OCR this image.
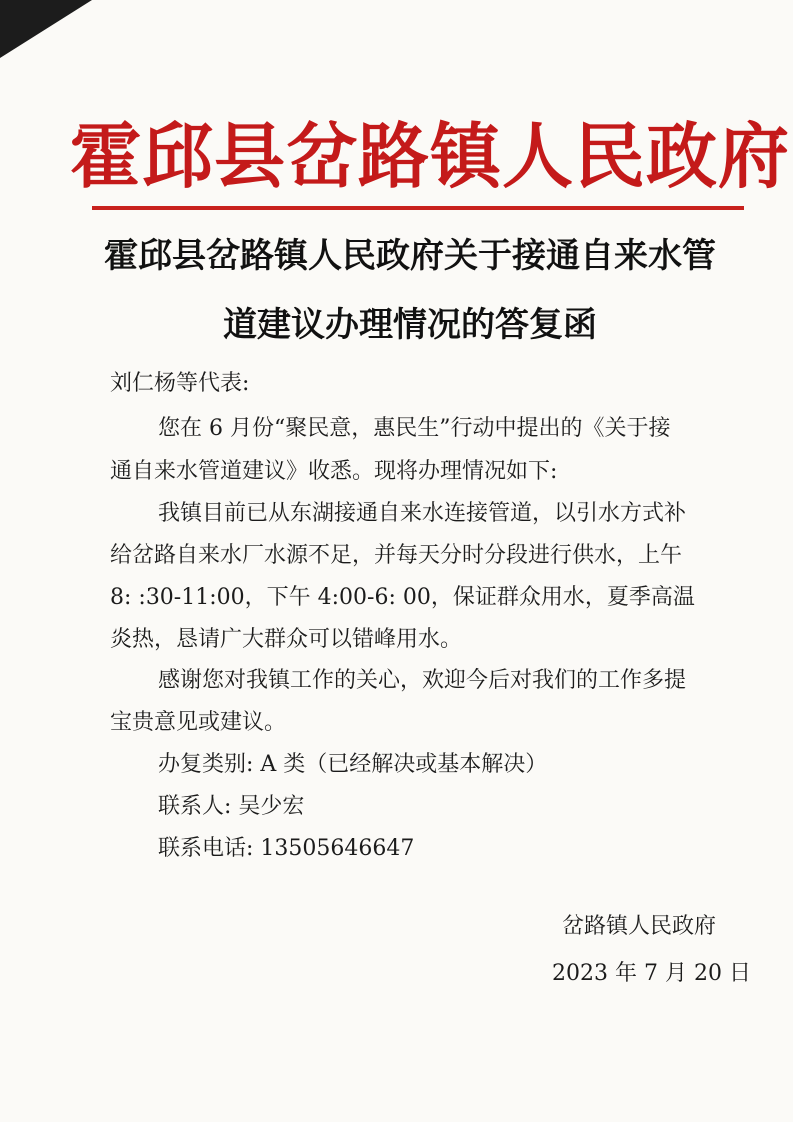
霍邱县岔路镇人民政府
霍邱县岔路镇人民政府关于接通自来水管
道建议办理情况的答复函
刘仁杨等代表:
您在 6 月份“聚民意，惠民生”行动中提出的《关于接
通自来水管道建议》收悉。现将办理情况如下:
我镇目前已从东湖接通自来水连接管道，以引水方式补
给岔路自来水厂水源不足，并每天分时分段进行供水，上午
8: :30-11:00，下午 4:00-6: 00，保证群众用水，夏季高温
炎热，恳请广大群众可以错峰用水。
感谢您对我镇工作的关心，欢迎今后对我们的工作多提
宝贵意见或建议。
办复类别: A 类（已经解决或基本解决）
联系人: 吴少宏
联系电话: 13505646647
岔路镇人民政府
2023 年 7 月 20 日
